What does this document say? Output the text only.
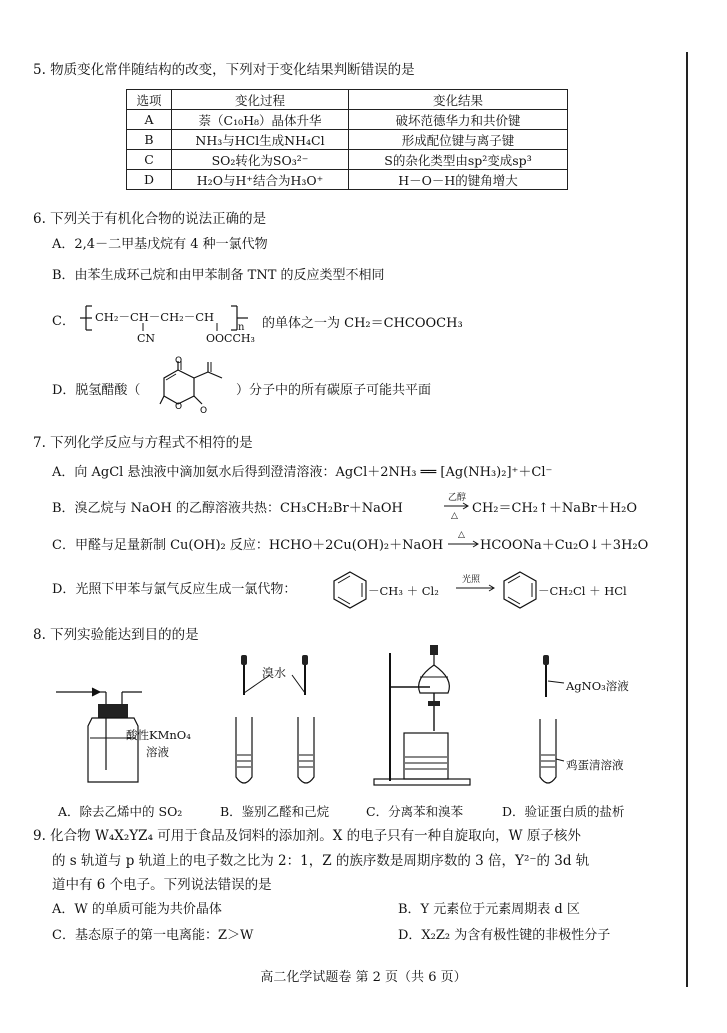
5. 物质变化常伴随结构的改变，下列对于变化结果判断错误的是
选项	变化过程	变化结果
A	萘（C₁₀H₈）晶体升华	破坏范德华力和共价键
B	NH₃与HCl生成NH₄Cl	形成配位键与离子键
C	SO₂转化为SO₃²⁻	S的杂化类型由sp²变成sp³
D	H₂O与H⁺结合为H₃O⁺	H－O－H的键角增大
6. 下列关于有机化合物的说法正确的是
A．2,4－二甲基戊烷有 4 种一氯代物
B．由苯生成环己烷和由甲苯制备 TNT 的反应类型不相同
C． CH₂－CH－CH₂－CH
CN	OOCCH₃
n 的单体之一为 CH₂＝CHCOOCH₃
D．脱氢醋酸（
O
O O
）分子中的所有碳原子可能共平面
7. 下列化学反应与方程式不相符的是
A．向 AgCl 悬浊液中滴加氨水后得到澄清溶液：AgCl＋2NH₃ ══ [Ag(NH₃)₂]⁺＋Cl⁻
B．溴乙烷与 NaOH 的乙醇溶液共热：CH₃CH₂Br＋NaOH
乙醇
△ CH₂＝CH₂↑＋NaBr＋H₂O
C．甲醛与足量新制 Cu(OH)₂ 反应：HCHO＋2Cu(OH)₂＋NaOH
△
HCOONa＋Cu₂O↓＋3H₂O
D．光照下甲苯与氯气反应生成一氯代物：	－CH₃ ＋ Cl₂
光照
－CH₂Cl ＋ HCl
8. 下列实验能达到目的的是
酸性KMnO₄
溶液
溴水
AgNO₃溶液
鸡蛋清溶液
A．除去乙烯中的 SO₂	B．鉴别乙醛和己烷	C．分离苯和溴苯	D．验证蛋白质的盐析
9. 化合物 W₄X₂YZ₄ 可用于食品及饲料的添加剂。X 的电子只有一种自旋取向，W 原子核外
的 s 轨道与 p 轨道上的电子数之比为 2：1，Z 的族序数是周期序数的 3 倍，Y²⁻的 3d 轨
道中有 6 个电子。下列说法错误的是
A．W 的单质可能为共价晶体	B．Y 元素位于元素周期表 d 区
C．基态原子的第一电离能：Z＞W	D．X₂Z₂ 为含有极性键的非极性分子
高二化学试题卷 第 2 页（共 6 页）
